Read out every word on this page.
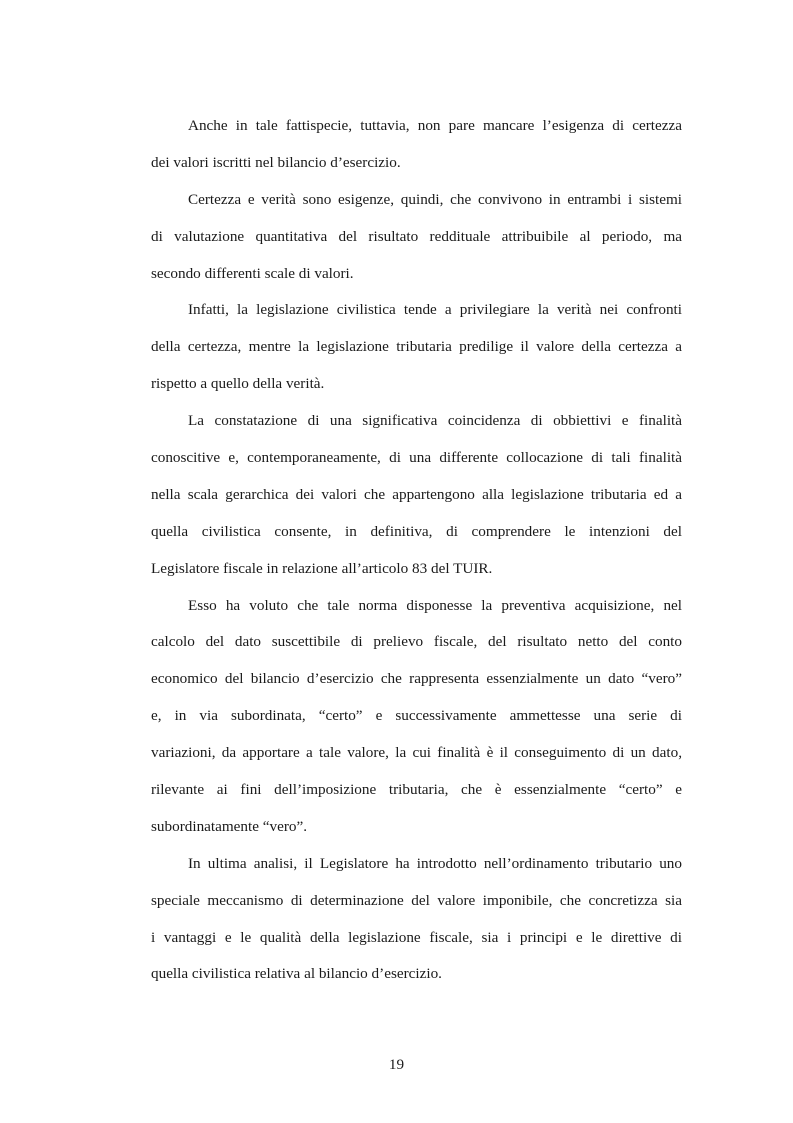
Anche in tale fattispecie, tuttavia, non pare mancare l’esigenza di certezza
dei valori iscritti nel bilancio d’esercizio.

Certezza e verità sono esigenze, quindi, che convivono in entrambi i sistemi
di valutazione quantitativa del risultato reddituale attribuibile al periodo, ma
secondo differenti scale di valori.

Infatti, la legislazione civilistica tende a privilegiare la verità nei confronti
della certezza, mentre la legislazione tributaria predilige il valore della certezza a
rispetto a quello della verità.

La constatazione di una significativa coincidenza di obbiettivi e finalità
conoscitive e, contemporaneamente, di una differente collocazione di tali finalità
nella scala gerarchica dei valori che appartengono alla legislazione tributaria ed a
quella civilistica consente, in definitiva, di comprendere le intenzioni del
Legislatore fiscale in relazione all’articolo 83 del TUIR.

Esso ha voluto che tale norma disponesse la preventiva acquisizione, nel
calcolo del dato suscettibile di prelievo fiscale, del risultato netto del conto
economico del bilancio d’esercizio che rappresenta essenzialmente un dato “vero”
e, in via subordinata, “certo” e successivamente ammettesse una serie di
variazioni, da apportare a tale valore, la cui finalità è il conseguimento di un dato,
rilevante ai fini dell’imposizione tributaria, che è essenzialmente “certo” e
subordinatamente “vero”.

In ultima analisi, il Legislatore ha introdotto nell’ordinamento tributario uno
speciale meccanismo di determinazione del valore imponibile, che concretizza sia
i vantaggi e le qualità della legislazione fiscale, sia i principi e le direttive di
quella civilistica relativa al bilancio d’esercizio.

19
